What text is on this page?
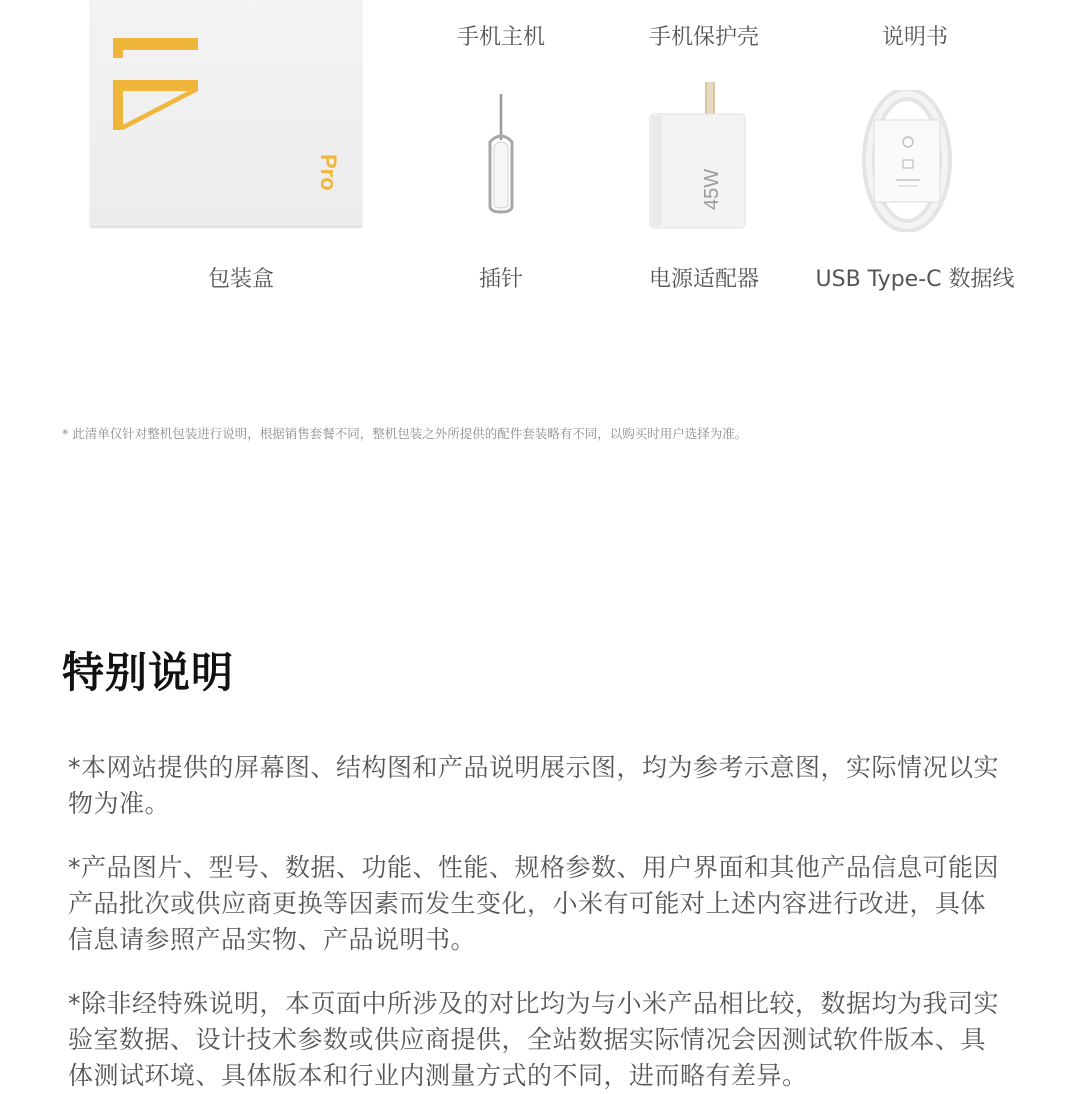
14
Pro
手机主机	手机保护壳	说明书
45W
包装盒	插针	电源适配器	USB Type-C 数据线
* 此清单仅针对整机包装进行说明，根据销售套餐不同，整机包装之外所提供的配件套装略有不同，以购买时用户选择为准。
特别说明
*本网站提供的屏幕图、结构图和产品说明展示图，均为参考示意图，实际情况以实物为准。
*产品图片、型号、数据、功能、性能、规格参数、用户界面和其他产品信息可能因产品批次或供应商更换等因素而发生变化，小米有可能对上述内容进行改进，具体信息请参照产品实物、产品说明书。
*除非经特殊说明，本页面中所涉及的对比均为与小米产品相比较，数据均为我司实验室数据、设计技术参数或供应商提供，全站数据实际情况会因测试软件版本、具体测试环境、具体版本和行业内测量方式的不同，进而略有差异。
